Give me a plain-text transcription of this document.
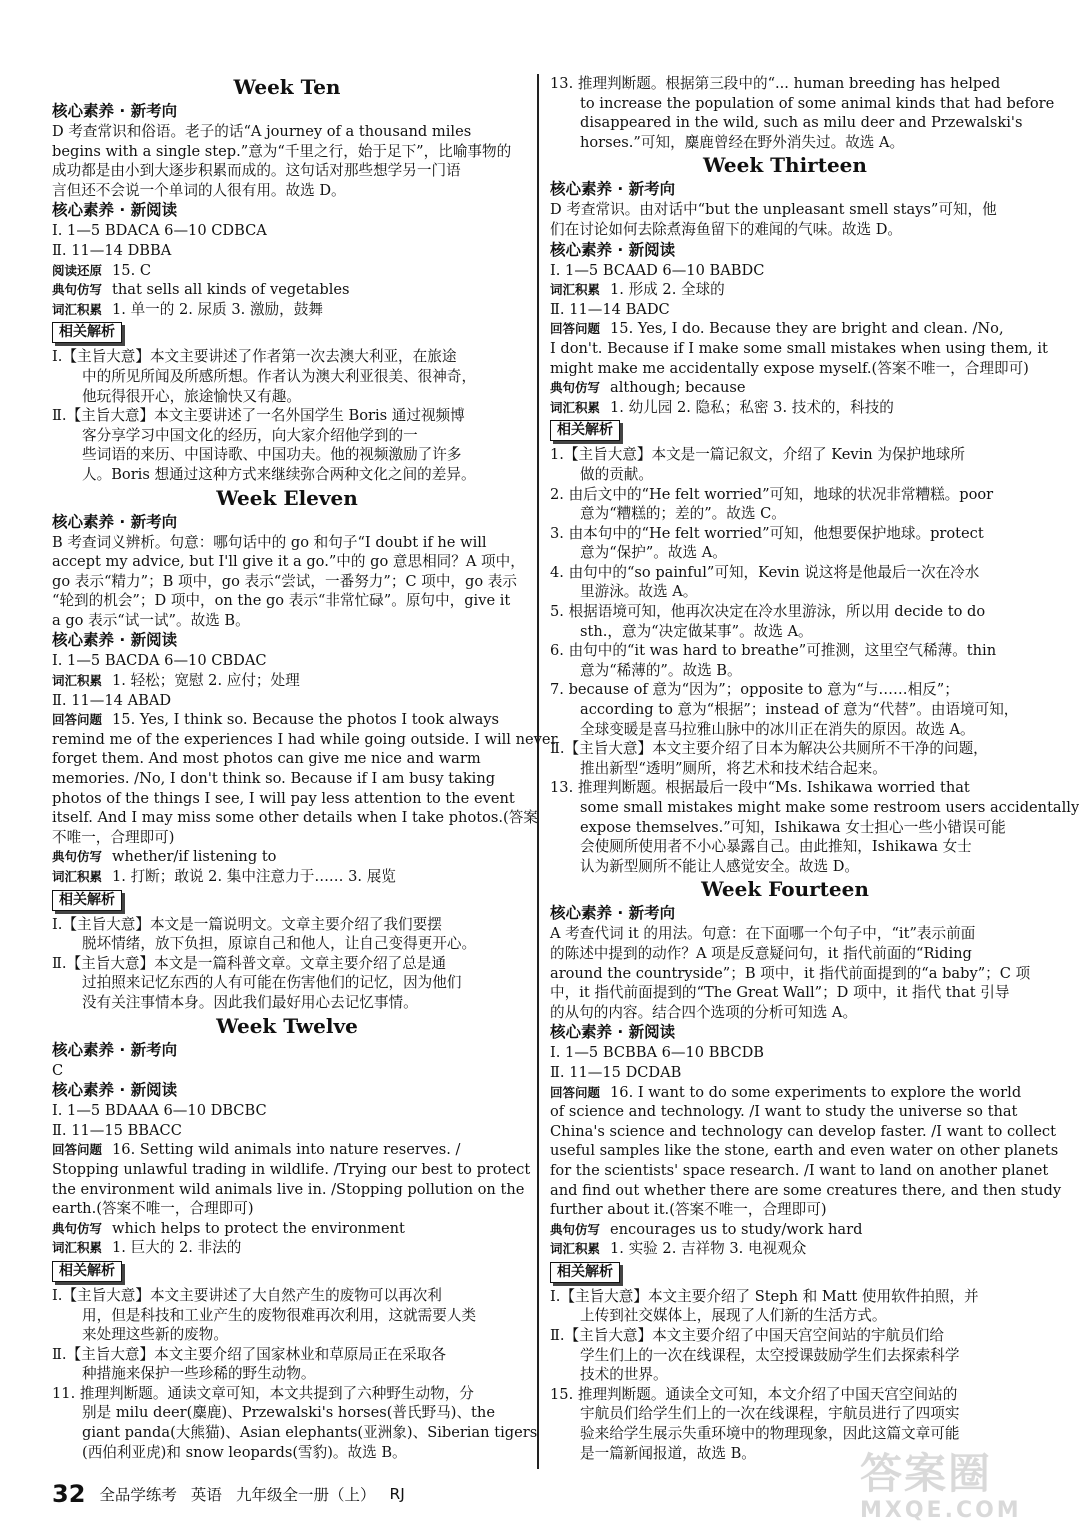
Week Ten
核心素养 · 新考向
D 考查常识和俗语。老子的话“A journey of a thousand miles
begins with a single step.”意为“千里之行，始于足下”，比喻事物的
成功都是由小到大逐步积累而成的。这句话对那些想学另一门语
言但还不会说一个单词的人很有用。故选 D。
核心素养 · 新阅读
Ⅰ. 1—5 BDACA 6—10 CDBCA
Ⅱ. 11—14 DBBA
阅读还原 15. C
典句仿写 that sells all kinds of vegetables
词汇积累 1. 单一的 2. 尿质 3. 激励，鼓舞
相关解析
Ⅰ.【主旨大意】本文主要讲述了作者第一次去澳大利亚，在旅途
中的所见所闻及所感所想。作者认为澳大利亚很美、很神奇，
他玩得很开心，旅途愉快又有趣。
Ⅱ.【主旨大意】本文主要讲述了一名外国学生 Boris 通过视频博
客分享学习中国文化的经历，向大家介绍他学到的一
些词语的来历、中国诗歌、中国功夫。他的视频激励了许多
人。Boris 想通过这种方式来继续弥合两种文化之间的差异。
Week Eleven
核心素养 · 新考向
B 考查词义辨析。句意：哪句话中的 go 和句子“I doubt if he will
accept my advice, but I'll give it a go.”中的 go 意思相同？A 项中，
go 表示“精力”；B 项中，go 表示“尝试，一番努力”；C 项中，go 表示
“轮到的机会”；D 项中，on the go 表示“非常忙碌”。原句中，give it
a go 表示“试一试”。故选 B。
核心素养 · 新阅读
Ⅰ. 1—5 BACDA 6—10 CBDAC
词汇积累 1. 轻松；宽慰 2. 应付；处理
Ⅱ. 11—14 ABAD
回答问题 15. Yes, I think so. Because the photos I took always
remind me of the experiences I had while going outside. I will never
forget them. And most photos can give me nice and warm
memories. /No, I don't think so. Because if I am busy taking
photos of the things I see, I will pay less attention to the event
itself. And I may miss some other details when I take photos.(答案
不唯一，合理即可)
典句仿写 whether/if listening to
词汇积累 1. 打断；敢说 2. 集中注意力于…… 3. 展览
相关解析
Ⅰ.【主旨大意】本文是一篇说明文。文章主要介绍了我们要摆
脱坏情绪，放下负担，原谅自己和他人，让自己变得更开心。
Ⅱ.【主旨大意】本文是一篇科普文章。文章主要介绍了总是通
过拍照来记忆东西的人有可能在伤害他们的记忆，因为他们
没有关注事情本身。因此我们最好用心去记忆事情。
Week Twelve
核心素养 · 新考向
C
核心素养 · 新阅读
Ⅰ. 1—5 BDAAA 6—10 DBCBC
Ⅱ. 11—15 BBACC
回答问题 16. Setting wild animals into nature reserves. /
Stopping unlawful trading in wildlife. /Trying our best to protect
the environment wild animals live in. /Stopping pollution on the
earth.(答案不唯一，合理即可)
典句仿写 which helps to protect the environment
词汇积累 1. 巨大的 2. 非法的
相关解析
Ⅰ.【主旨大意】本文主要讲述了大自然产生的废物可以再次利
用，但是科技和工业产生的废物很难再次利用，这就需要人类
来处理这些新的废物。
Ⅱ.【主旨大意】本文主要介绍了国家林业和草原局正在采取各
种措施来保护一些珍稀的野生动物。
11. 推理判断题。通读文章可知，本文共提到了六种野生动物，分
别是 milu deer(麋鹿)、Przewalski's horses(普氏野马)、the
giant panda(大熊猫)、Asian elephants(亚洲象)、Siberian tigers
(西伯利亚虎)和 snow leopards(雪豹)。故选 B。
13. 推理判断题。根据第三段中的“... human breeding has helped
to increase the population of some animal kinds that had before
disappeared in the wild, such as milu deer and Przewalski's
horses.”可知，麋鹿曾经在野外消失过。故选 A。
Week Thirteen
核心素养 · 新考向
D 考查常识。由对话中“but the unpleasant smell stays”可知，他
们在讨论如何去除煮海鱼留下的难闻的气味。故选 D。
核心素养 · 新阅读
Ⅰ. 1—5 BCAAD 6—10 BABDC
词汇积累 1. 形成 2. 全球的
Ⅱ. 11—14 BADC
回答问题 15. Yes, I do. Because they are bright and clean. /No,
I don't. Because if I make some small mistakes when using them, it
might make me accidentally expose myself.(答案不唯一，合理即可)
典句仿写 although; because
词汇积累 1. 幼儿园 2. 隐私；私密 3. 技术的，科技的
相关解析
1.【主旨大意】本文是一篇记叙文，介绍了 Kevin 为保护地球所
做的贡献。
2. 由后文中的“He felt worried”可知，地球的状况非常糟糕。poor
意为“糟糕的；差的”。故选 C。
3. 由本句中的“He felt worried”可知，他想要保护地球。protect
意为“保护”。故选 A。
4. 由句中的“so painful”可知，Kevin 说这将是他最后一次在冷水
里游泳。故选 A。
5. 根据语境可知，他再次决定在冷水里游泳，所以用 decide to do
sth.，意为“决定做某事”。故选 A。
6. 由句中的“it was hard to breathe”可推测，这里空气稀薄。thin
意为“稀薄的”。故选 B。
7. because of 意为“因为”；opposite to 意为“与……相反”；
according to 意为“根据”；instead of 意为“代替”。由语境可知，
全球变暖是喜马拉雅山脉中的冰川正在消失的原因。故选 A。
Ⅱ.【主旨大意】本文主要介绍了日本为解决公共厕所不干净的问题，
推出新型“透明”厕所，将艺术和技术结合起来。
13. 推理判断题。根据最后一段中“Ms. Ishikawa worried that
some small mistakes might make some restroom users accidentally
expose themselves.”可知，Ishikawa 女士担心一些小错误可能
会使厕所使用者不小心暴露自己。由此推知，Ishikawa 女士
认为新型厕所不能让人感觉安全。故选 D。
Week Fourteen
核心素养 · 新考向
A 考查代词 it 的用法。句意：在下面哪一个句子中，“it”表示前面
的陈述中提到的动作？A 项是反意疑问句，it 指代前面的“Riding
around the countryside”；B 项中，it 指代前面提到的“a baby”；C 项
中，it 指代前面提到的“The Great Wall”；D 项中，it 指代 that 引导
的从句的内容。结合四个选项的分析可知选 A。
核心素养 · 新阅读
Ⅰ. 1—5 BCBBA 6—10 BBCDB
Ⅱ. 11—15 DCDAB
回答问题 16. I want to do some experiments to explore the world
of science and technology. /I want to study the universe so that
China's science and technology can develop faster. /I want to collect
useful samples like the stone, earth and even water on other planets
for the scientists' space research. /I want to land on another planet
and find out whether there are some creatures there, and then study
further about it.(答案不唯一，合理即可)
典句仿写 encourages us to study/work hard
词汇积累 1. 实验 2. 吉祥物 3. 电视观众
相关解析
Ⅰ.【主旨大意】本文主要介绍了 Steph 和 Matt 使用软件拍照，并
上传到社交媒体上，展现了人们新的生活方式。
Ⅱ.【主旨大意】本文主要介绍了中国天宫空间站的宇航员们给
学生们上的一次在线课程，太空授课鼓励学生们去探索科学
技术的世界。
15. 推理判断题。通读全文可知，本文介绍了中国天宫空间站的
宇航员们给学生们上的一次在线课程，宇航员进行了四项实
验来给学生展示失重环境中的物理现象，因此这篇文章可能
是一篇新闻报道，故选 B。
32 全品学练考 英语 九年级全一册（上） RJ	答案圈
MXQE.COM
